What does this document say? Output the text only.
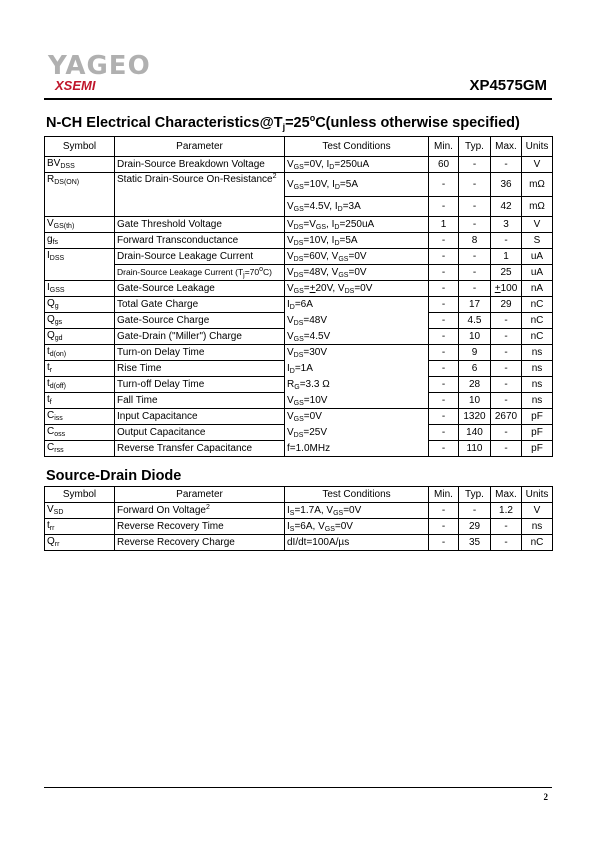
YAGEO
XSEMI	XP4575GM
N-CH Electrical $Characteristics@T_j=25^oC(unless$ otherwise specified)
Symbol	Parameter	Test Conditions	Min.	Typ.	Max.	Units
$BV_{DSS}$	Drain-Source Breakdown Voltage	$V_{GS}=0V$, $I_D=250uA$	60	-	-	V
$R_{DS(ON)}$	Static Drain-Source On-Resistance$^2$	$V_{GS}=10V$, $I_D=5A$	-	-	36	mΩ
		$V_{GS}=4.5V$, $I_D=3A$	-	-	42	mΩ
$V_{GS(th)}$	Gate Threshold Voltage	$V_{DS}=V_{GS}$, $I_D=250uA$	1	-	3	V
$g_{fs}$	Forward Transconductance	$V_{DS}=10V$, $I_D=5A$	-	8	-	S
$I_{DSS}$	Drain-Source Leakage Current	$V_{DS}=60V$, $V_{GS}=0V$	-	-	1	uA
	Drain-Source Leakage Current $(T_j=70^oC)$	$V_{DS}=48V$, $V_{GS}=0V$	-	-	25	uA
$I_{GSS}$	Gate-Source Leakage	$V_{GS}=+20V$, $V_{DS}=0V$	-	-	+100	nA
$Q_g$	Total Gate Charge	$I_D=6A$	-	17	29	nC
$Q_{gs}$	Gate-Source Charge	$V_{DS}=48V$	-	4.5	-	nC
$Q_{gd}$	Gate-Drain ("Miller") Charge	$V_{GS}=4.5V$	-	10	-	nC
$t_{d(on)}$	Turn-on Delay Time	$V_{DS}=30V$	-	9	-	ns
$t_r$	Rise Time	$I_D=1A$	-	6	-	ns
$t_{d(off)}$	Turn-off Delay Time	$R_G=3.3$ Ω	-	28	-	ns
$t_f$	Fall Time	$V_{GS}=10V$	-	10	-	ns
$C_{iss}$	Input Capacitance	$V_{GS}=0V$	-	1320	2670	pF
$C_{oss}$	Output Capacitance	$V_{DS}=25V$	-	140	-	pF
$C_{rss}$	Reverse Transfer Capacitance	f=1.0MHz	-	110	-	pF
Source-Drain Diode
Symbol	Parameter	Test Conditions	Min.	Typ.	Max.	Units
$V_{SD}$	Forward On Voltage$^2$	$I_S=1.7A$, $V_{GS}=0V$	-	-	1.2	V
$t_{rr}$	Reverse Recovery Time	$I_S=6A$, $V_{GS}=0V$	-	29	-	ns
$Q_{rr}$	Reverse Recovery Charge	dI/dt=100A/µs	-	35	-	nC
2
